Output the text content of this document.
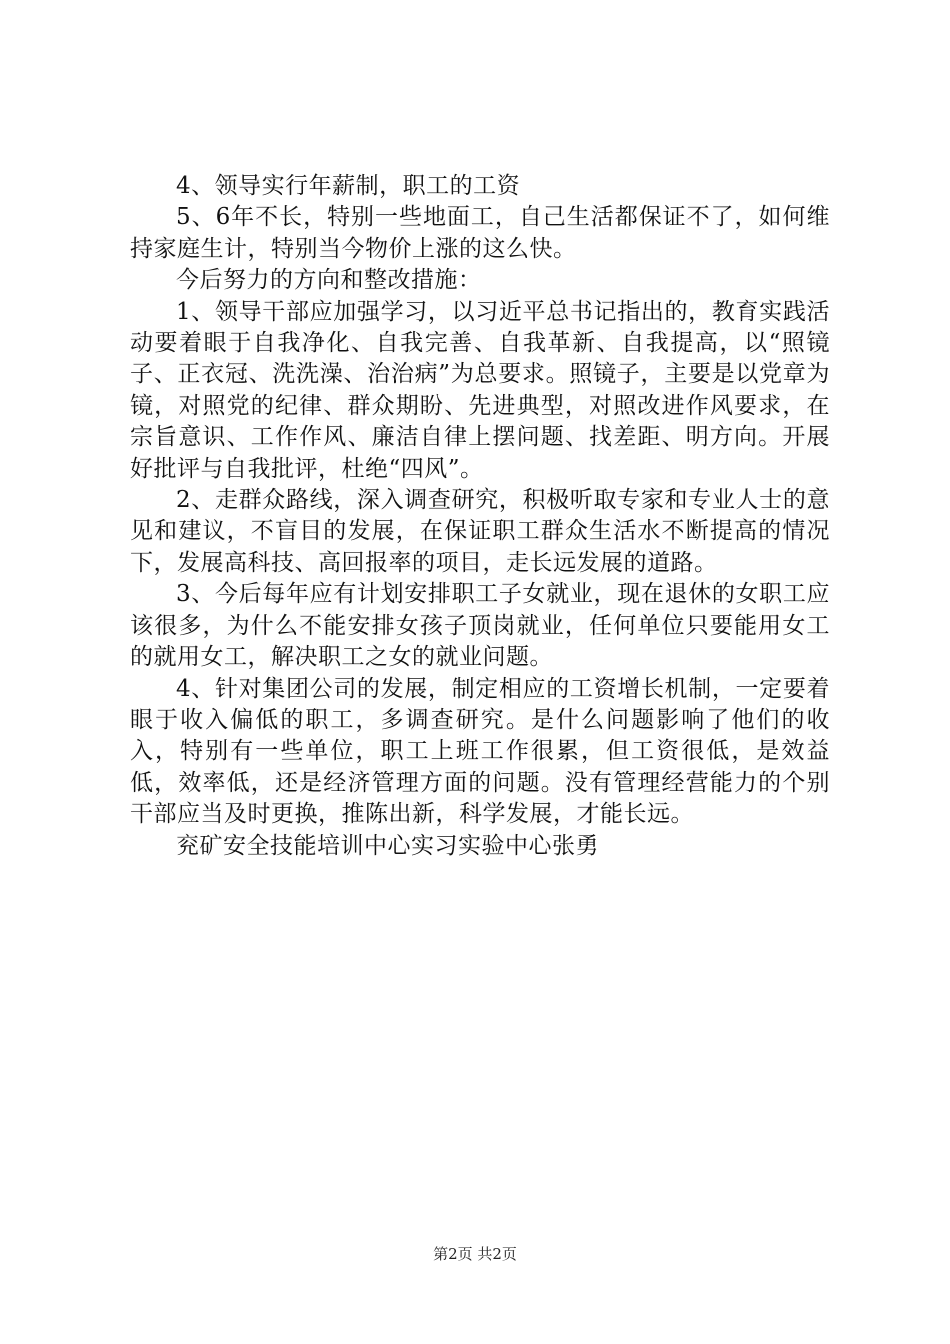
4、领导实行年薪制，职工的工资

5、6年不长，特别一些地面工，自己生活都保证不了，如何维持家庭生计，特别当今物价上涨的这么快。

今后努力的方向和整改措施：

1、领导干部应加强学习，以习近平总书记指出的，教育实践活动要着眼于自我净化、自我完善、自我革新、自我提高，以“照镜子、正衣冠、洗洗澡、治治病”为总要求。照镜子，主要是以党章为镜，对照党的纪律、群众期盼、先进典型，对照改进作风要求，在宗旨意识、工作作风、廉洁自律上摆问题、找差距、明方向。开展好批评与自我批评，杜绝“四风”。

2、走群众路线，深入调查研究，积极听取专家和专业人士的意见和建议，不盲目的发展，在保证职工群众生活水不断提高的情况下，发展高科技、高回报率的项目，走长远发展的道路。

3、今后每年应有计划安排职工子女就业，现在退休的女职工应该很多，为什么不能安排女孩子顶岗就业，任何单位只要能用女工的就用女工，解决职工之女的就业问题。

4、针对集团公司的发展，制定相应的工资增长机制，一定要着眼于收入偏低的职工，多调查研究。是什么问题影响了他们的收入，特别有一些单位，职工上班工作很累，但工资很低，是效益低，效率低，还是经济管理方面的问题。没有管理经营能力的个别干部应当及时更换，推陈出新，科学发展，才能长远。

兖矿安全技能培训中心实习实验中心张勇

第2页 共2页
